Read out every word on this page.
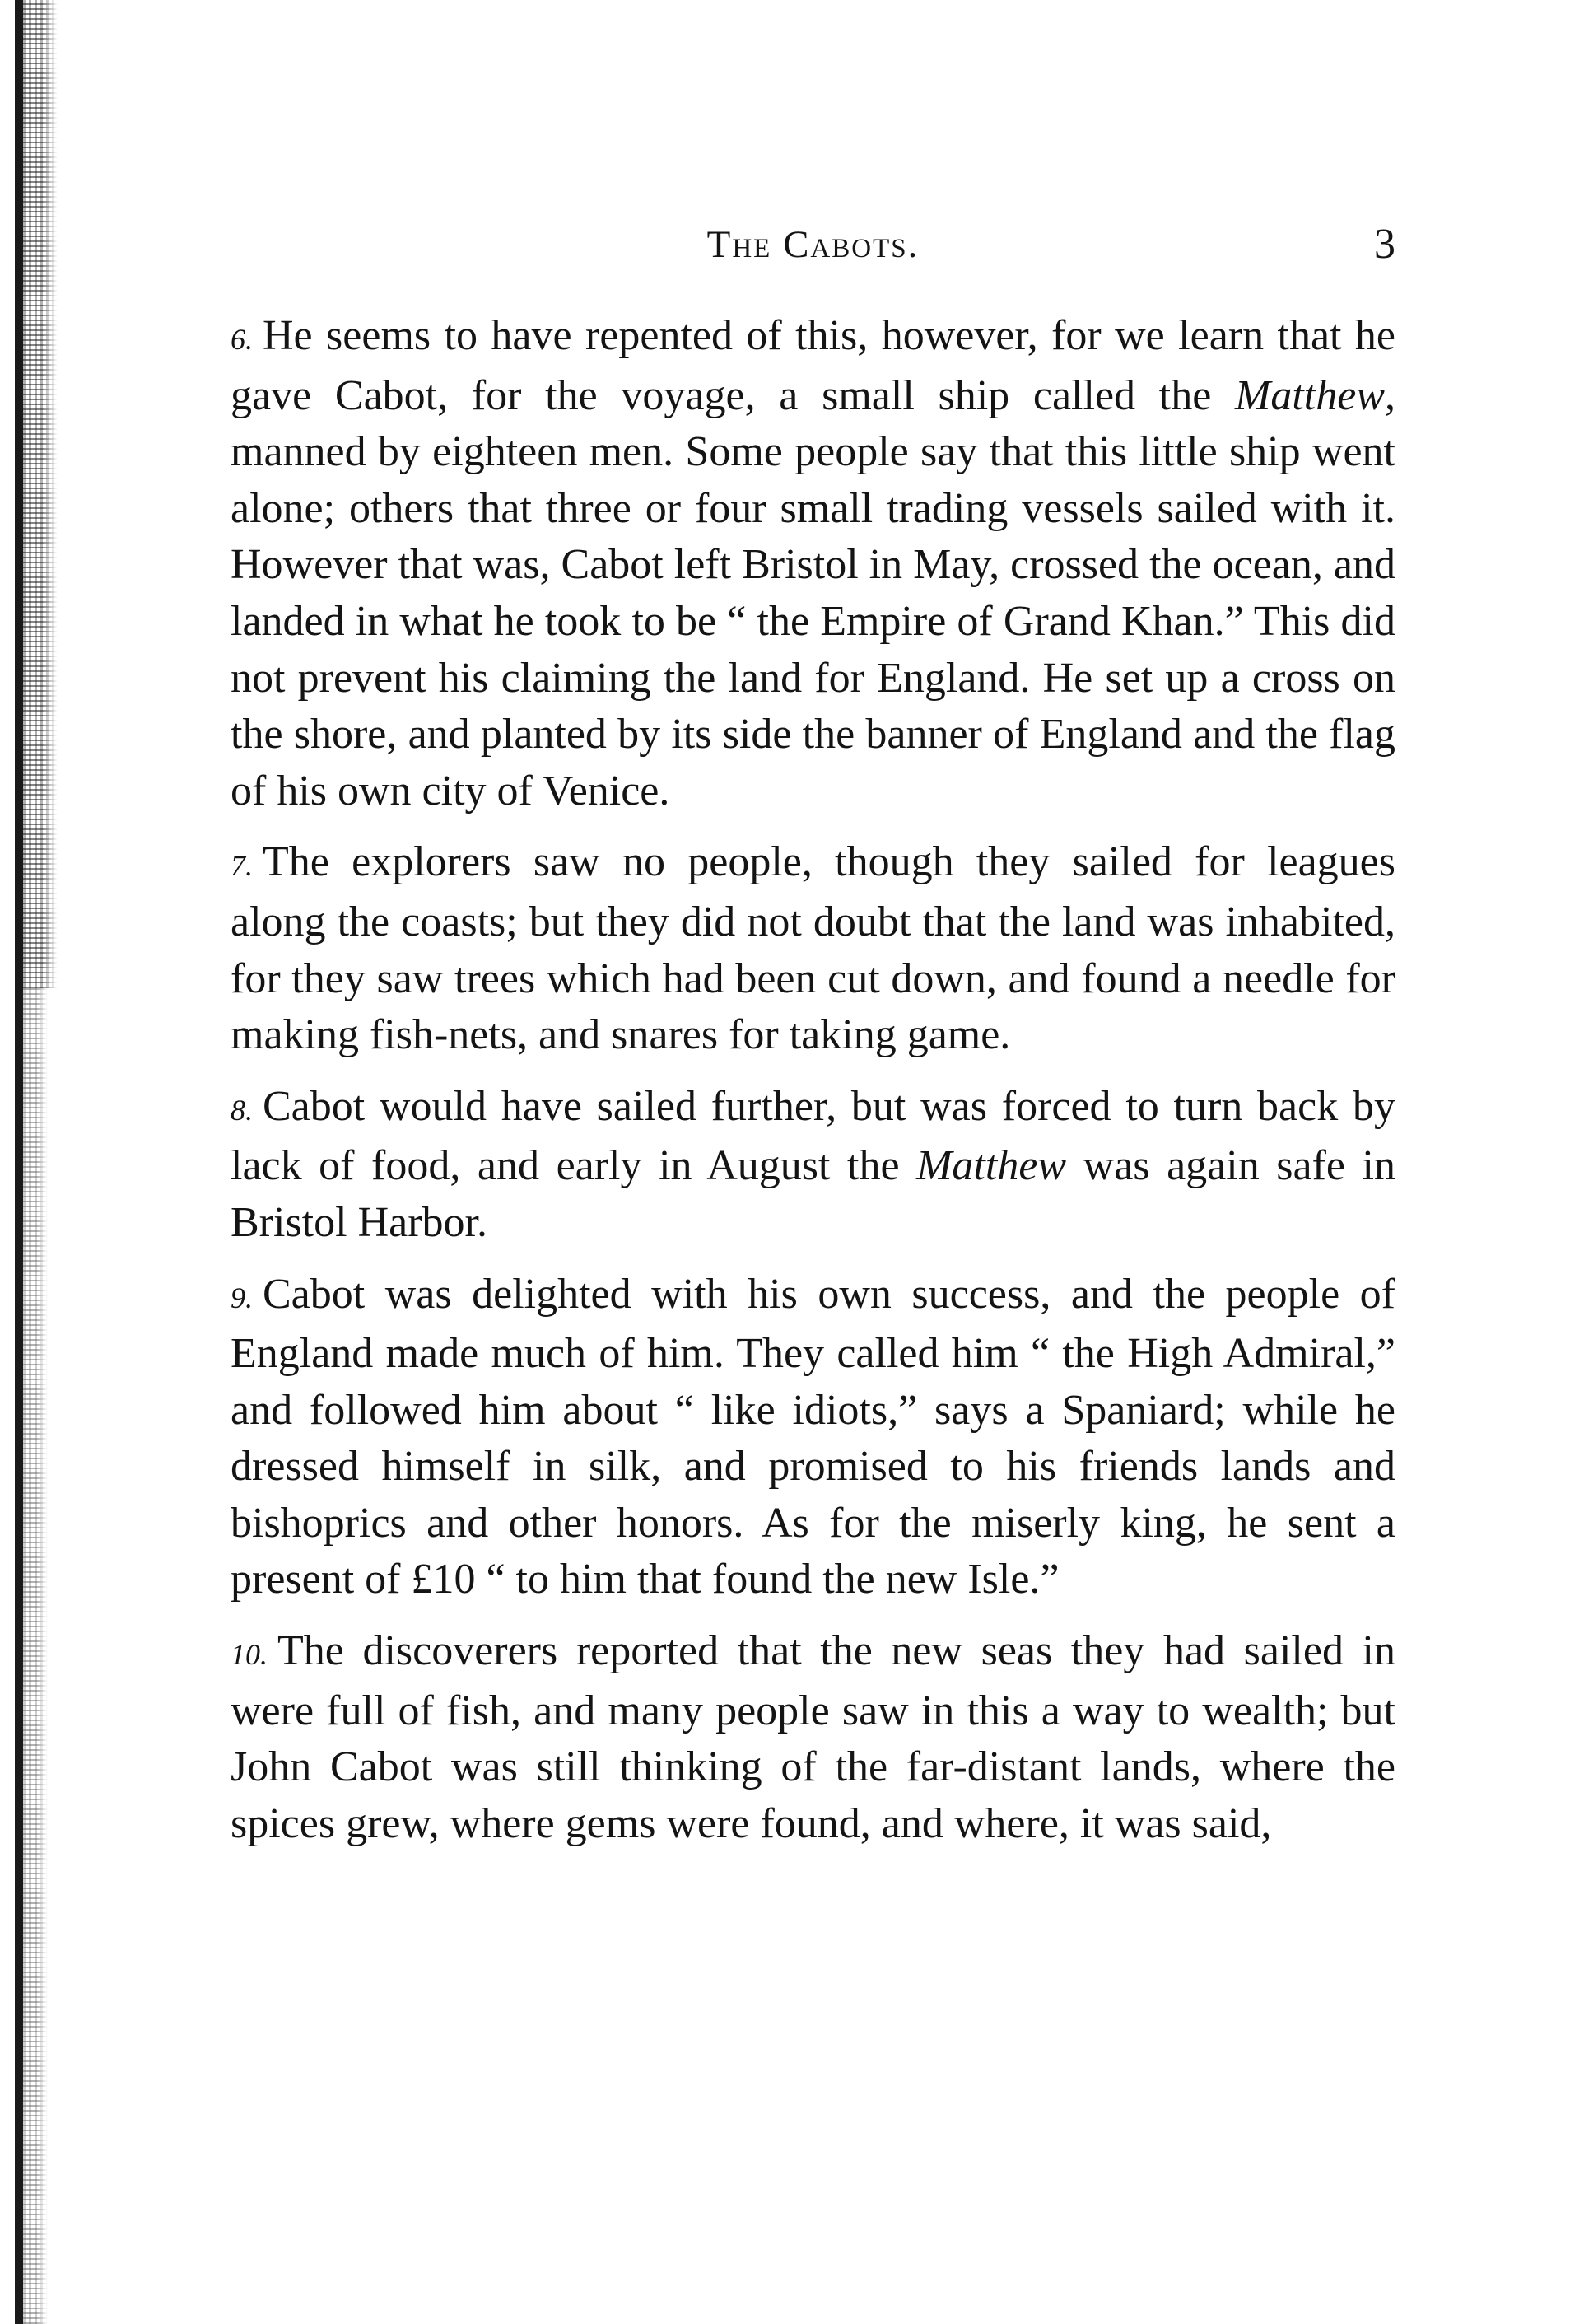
The Cabots.	3

6. He seems to have repented of this, however, for we learn that he gave Cabot, for the voyage, a small ship called the Matthew, manned by eighteen men. Some people say that this little ship went alone; others that three or four small trading vessels sailed with it. However that was, Cabot left Bristol in May, crossed the ocean, and landed in what he took to be “ the Empire of Grand Khan.” This did not prevent his claiming the land for England. He set up a cross on the shore, and planted by its side the banner of England and the flag of his own city of Venice.

7. The explorers saw no people, though they sailed for leagues along the coasts; but they did not doubt that the land was inhabited, for they saw trees which had been cut down, and found a needle for making fish-nets, and snares for taking game.

8. Cabot would have sailed further, but was forced to turn back by lack of food, and early in August the Matthew was again safe in Bristol Harbor.

9. Cabot was delighted with his own success, and the people of England made much of him. They called him “ the High Admiral,” and followed him about “ like idiots,” says a Spaniard; while he dressed himself in silk, and promised to his friends lands and bishoprics and other honors. As for the miserly king, he sent a present of £10 “ to him that found the new Isle.”

10. The discoverers reported that the new seas they had sailed in were full of fish, and many people saw in this a way to wealth; but John Cabot was still thinking of the far-distant lands, where the spices grew, where gems were found, and where, it was said,
